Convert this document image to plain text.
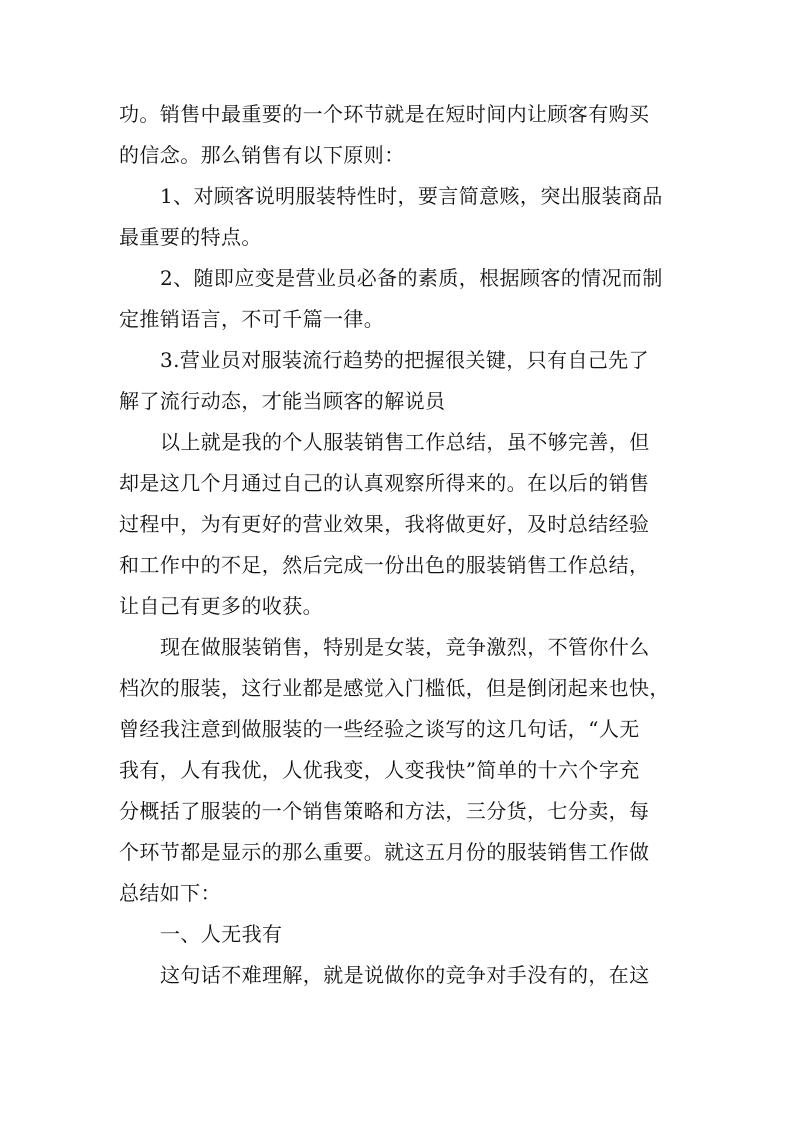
功。销售中最重要的一个环节就是在短时间内让顾客有购买
的信念。那么销售有以下原则：
1、对顾客说明服装特性时，要言简意赅，突出服装商品
最重要的特点。
2、随即应变是营业员必备的素质，根据顾客的情况而制
定推销语言，不可千篇一律。
3.营业员对服装流行趋势的把握很关键，只有自己先了
解了流行动态，才能当顾客的解说员
以上就是我的个人服装销售工作总结，虽不够完善，但
却是这几个月通过自己的认真观察所得来的。在以后的销售
过程中，为有更好的营业效果，我将做更好，及时总结经验
和工作中的不足，然后完成一份出色的服装销售工作总结，
让自己有更多的收获。
现在做服装销售，特别是女装，竞争激烈，不管你什么
档次的服装，这行业都是感觉入门槛低，但是倒闭起来也快，
曾经我注意到做服装的一些经验之谈写的这几句话，“人无
我有，人有我优，人优我变，人变我快”简单的十六个字充
分概括了服装的一个销售策略和方法，三分货，七分卖，每
个环节都是显示的那么重要。就这五月份的服装销售工作做
总结如下：
一、人无我有
这句话不难理解，就是说做你的竞争对手没有的，在这
